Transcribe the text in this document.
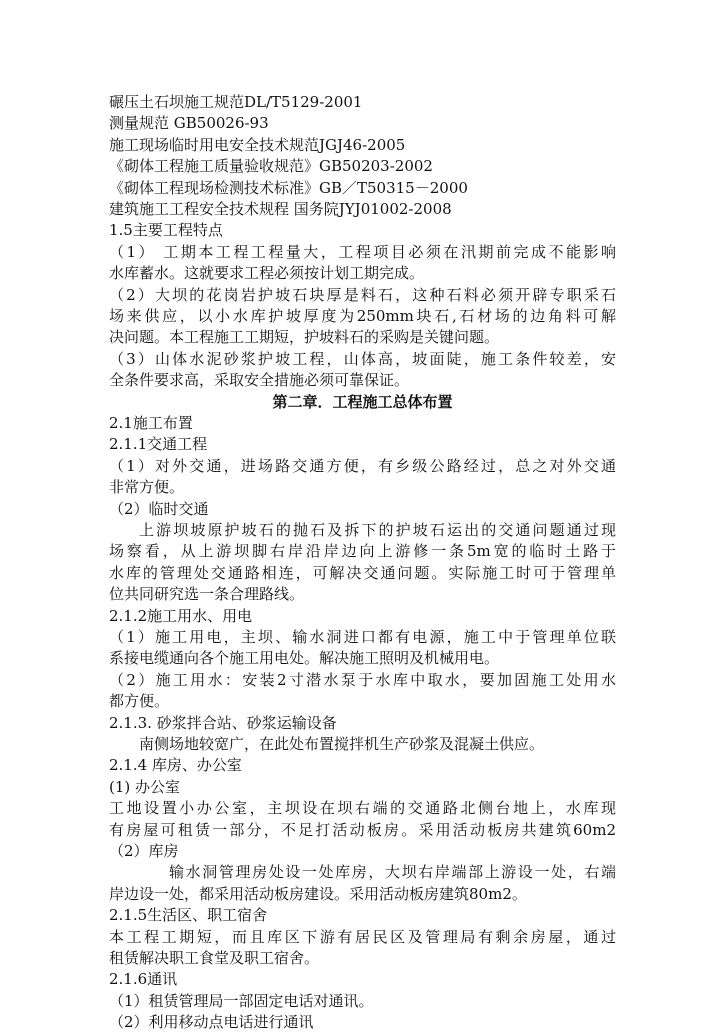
碾压土石坝施工规范DL/T5129-2001
测量规范 GB50026-93
施工现场临时用电安全技术规范JGJ46-2005
《砌体工程施工质量验收规范》GB50203-2002
《砌体工程现场检测技术标准》GB／T50315－2000
建筑施工工程安全技术规程 国务院JYJ01002-2008
1.5主要工程特点
（1） 工期本工程工程量大，工程项目必须在汛期前完成不能影响
水库蓄水。这就要求工程必须按计划工期完成。
（2）大坝的花岗岩护坡石块厚是料石，这种石料必须开辟专职采石
场来供应，以小水库护坡厚度为250mm块石,石材场的边角料可解
决问题。本工程施工工期短，护坡料石的采购是关键问题。
（3）山体水泥砂浆护坡工程，山体高，坡面陡，施工条件较差，安
全条件要求高，采取安全措施必须可靠保证。
第二章．工程施工总体布置
2.1施工布置
2.1.1交通工程
（1）对外交通，进场路交通方便，有乡级公路经过，总之对外交通
非常方便。
（2）临时交通
上游坝坡原护坡石的抛石及拆下的护坡石运出的交通问题通过现
场察看，从上游坝脚右岸沿岸边向上游修一条5m宽的临时土路于
水库的管理处交通路相连，可解决交通问题。实际施工时可于管理单
位共同研究选一条合理路线。
2.1.2施工用水、用电
（1）施工用电，主坝、输水洞进口都有电源，施工中于管理单位联
系接电缆通向各个施工用电处。解决施工照明及机械用电。
（2）施工用水：安装2寸潜水泵于水库中取水，要加固施工处用水
都方便。
2.1.3. 砂浆拌合站、砂浆运输设备
南侧场地较宽广，在此处布置搅拌机生产砂浆及混凝土供应。
2.1.4 库房、办公室
(1) 办公室
工地设置小办公室，主坝设在坝右端的交通路北侧台地上，水库现
有房屋可租赁一部分，不足打活动板房。采用活动板房共建筑60m2
（2）库房
输水洞管理房处设一处库房，大坝右岸端部上游设一处，右端
岸边设一处，都采用活动板房建设。采用活动板房建筑80m2。
2.1.5生活区、职工宿舍
本工程工期短，而且库区下游有居民区及管理局有剩余房屋，通过
租赁解决职工食堂及职工宿舍。
2.1.6通讯
（1）租赁管理局一部固定电话对通讯。
（2）利用移动点电话进行通讯
